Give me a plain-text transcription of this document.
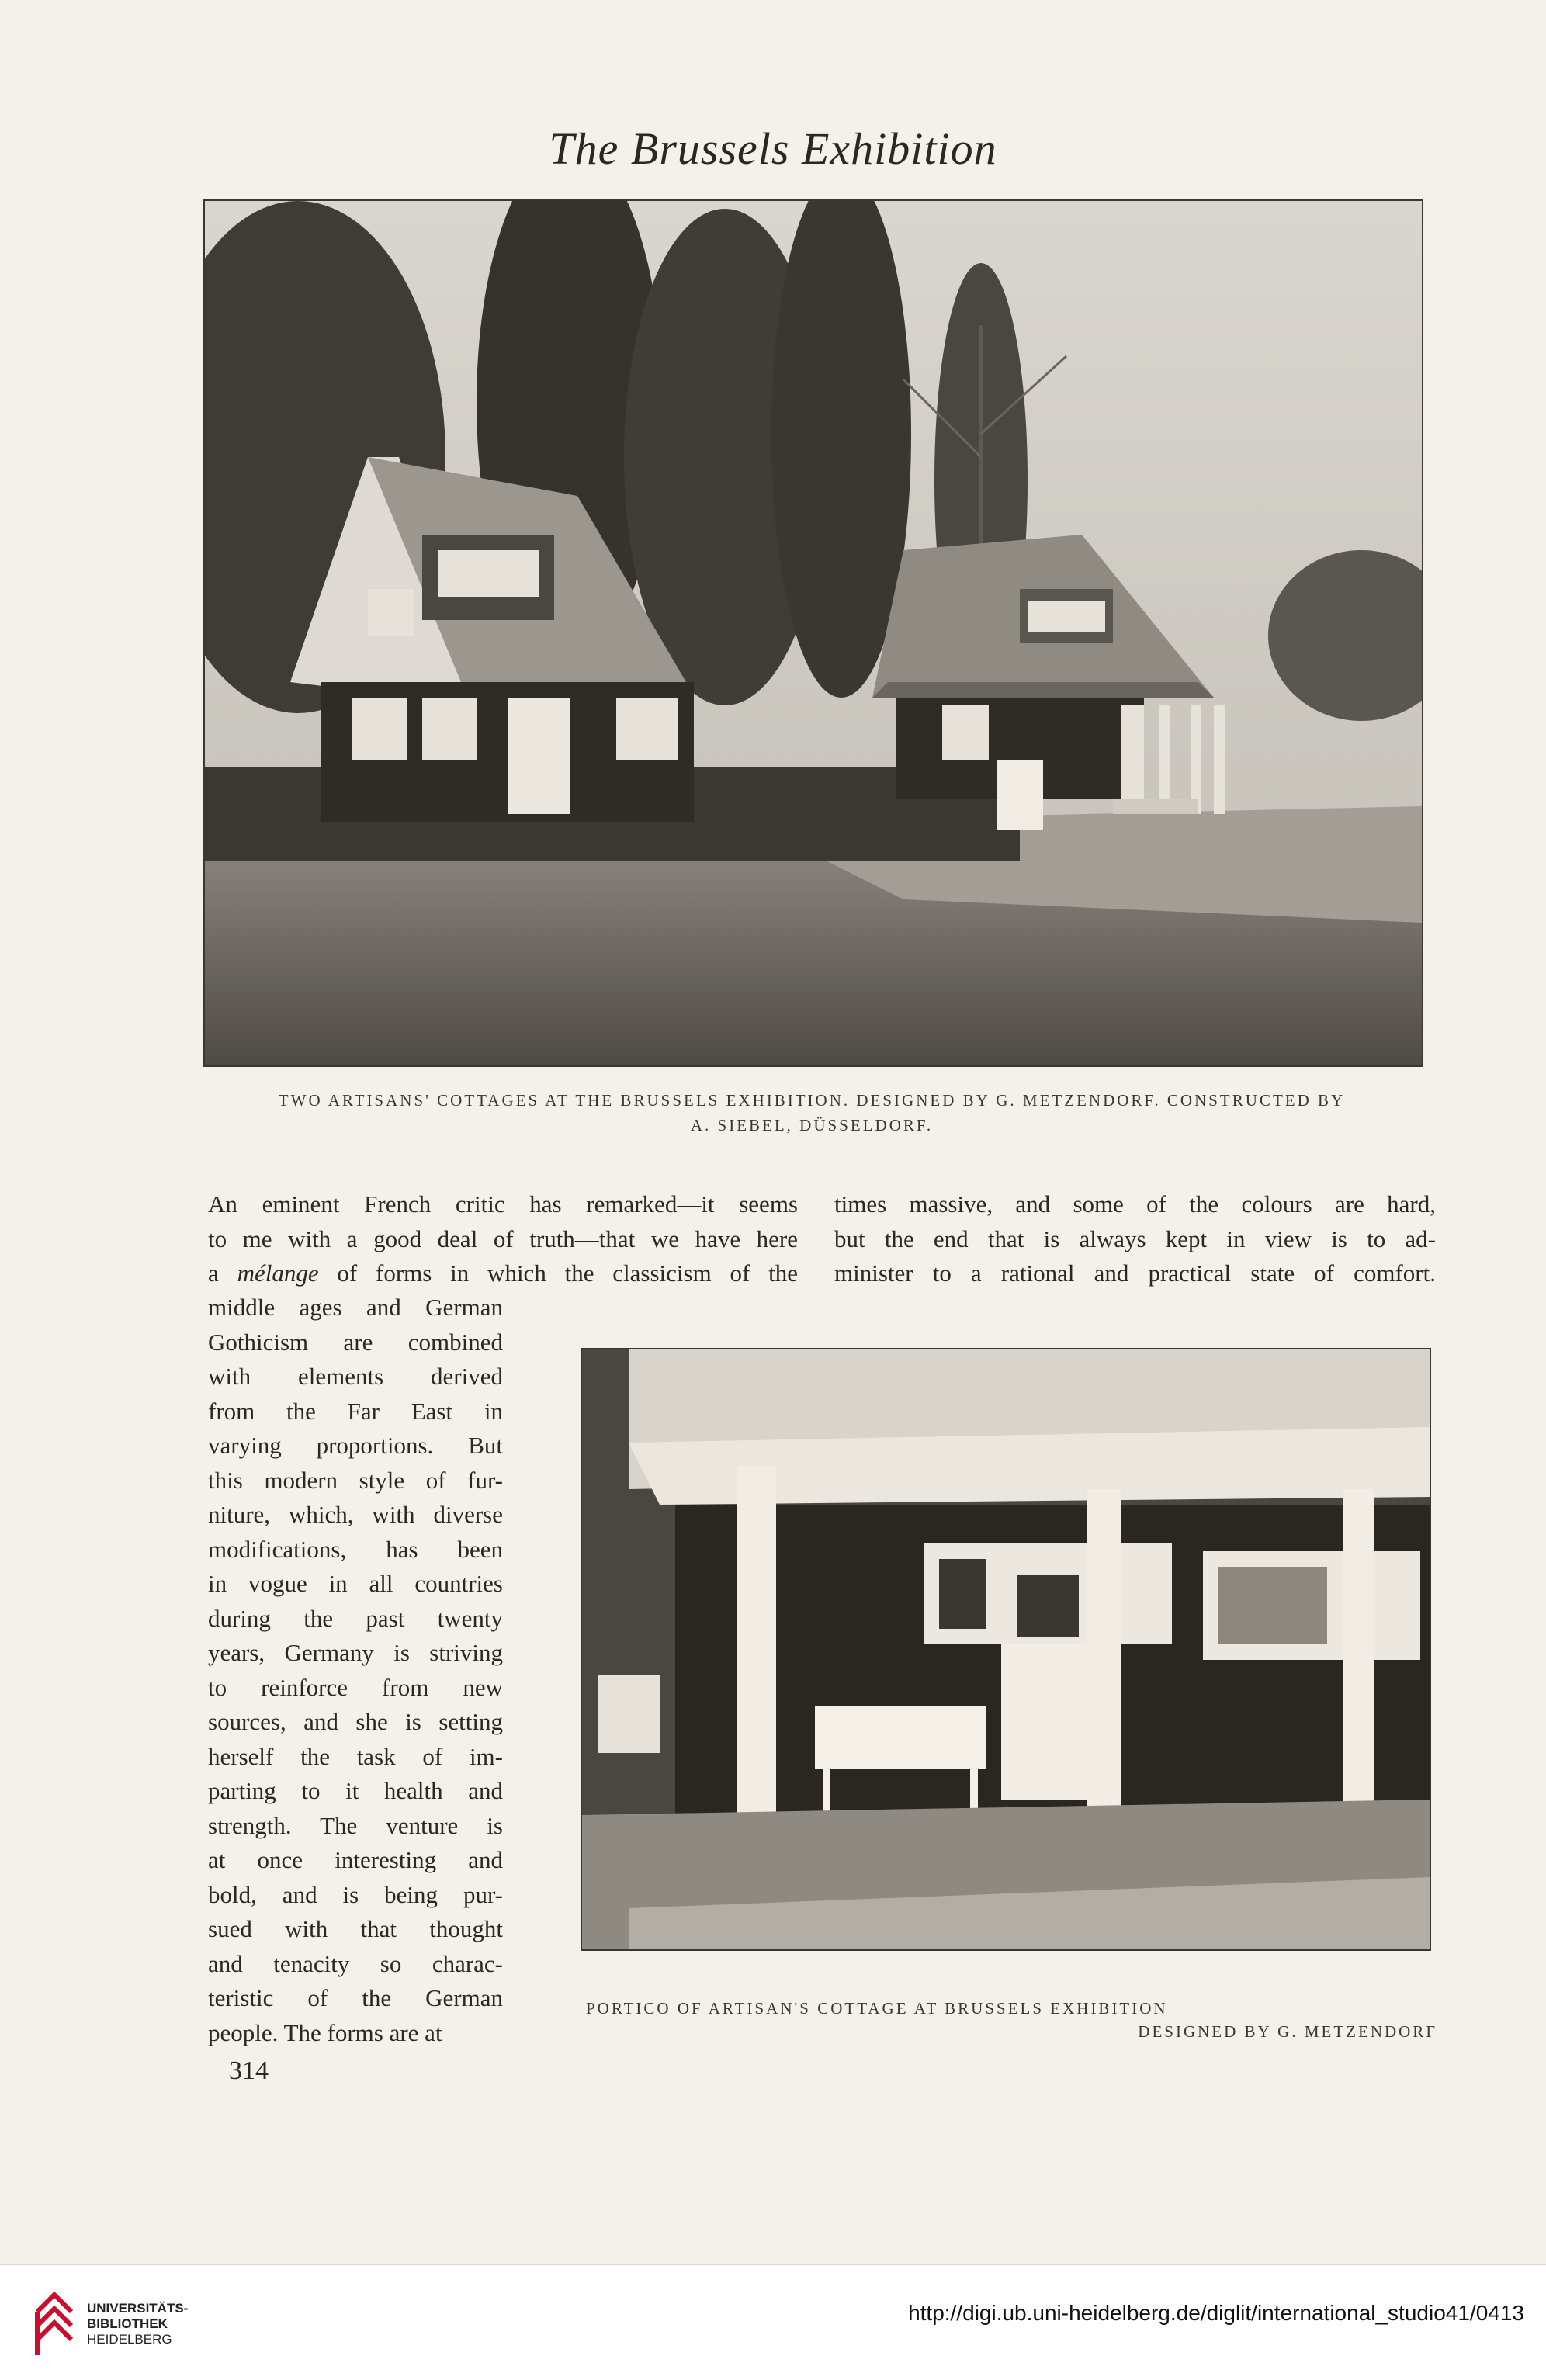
The Brussels Exhibition
TWO ARTISANS' COTTAGES AT THE BRUSSELS EXHIBITION. DESIGNED BY G. METZENDORF. CONSTRUCTED BY
A. SIEBEL, DÜSSELDORF.
An eminent French critic has remarked—it seems
to me with a good deal of truth—that we have here
a mélange of forms in which the classicism of the
times massive, and some of the colours are hard,
but the end that is always kept in view is to ad-
minister to a rational and practical state of comfort.
middle ages and German
Gothicism are combined
with elements derived
from the Far East in
varying proportions. But
this modern style of fur-
niture, which, with diverse
modifications, has been
in vogue in all countries
during the past twenty
years, Germany is striving
to reinforce from new
sources, and she is setting
herself the task of im-
parting to it health and
strength. The venture is
at once interesting and
bold, and is being pur-
sued with that thought
and tenacity so charac-
teristic of the German
people. The forms are at
PORTICO OF ARTISAN'S COTTAGE AT BRUSSELS EXHIBITION
DESIGNED BY G. METZENDORF
314
UNIVERSITÄTS-
BIBLIOTHEK
HEIDELBERG
http://digi.ub.uni-heidelberg.de/diglit/international_studio41/0413
